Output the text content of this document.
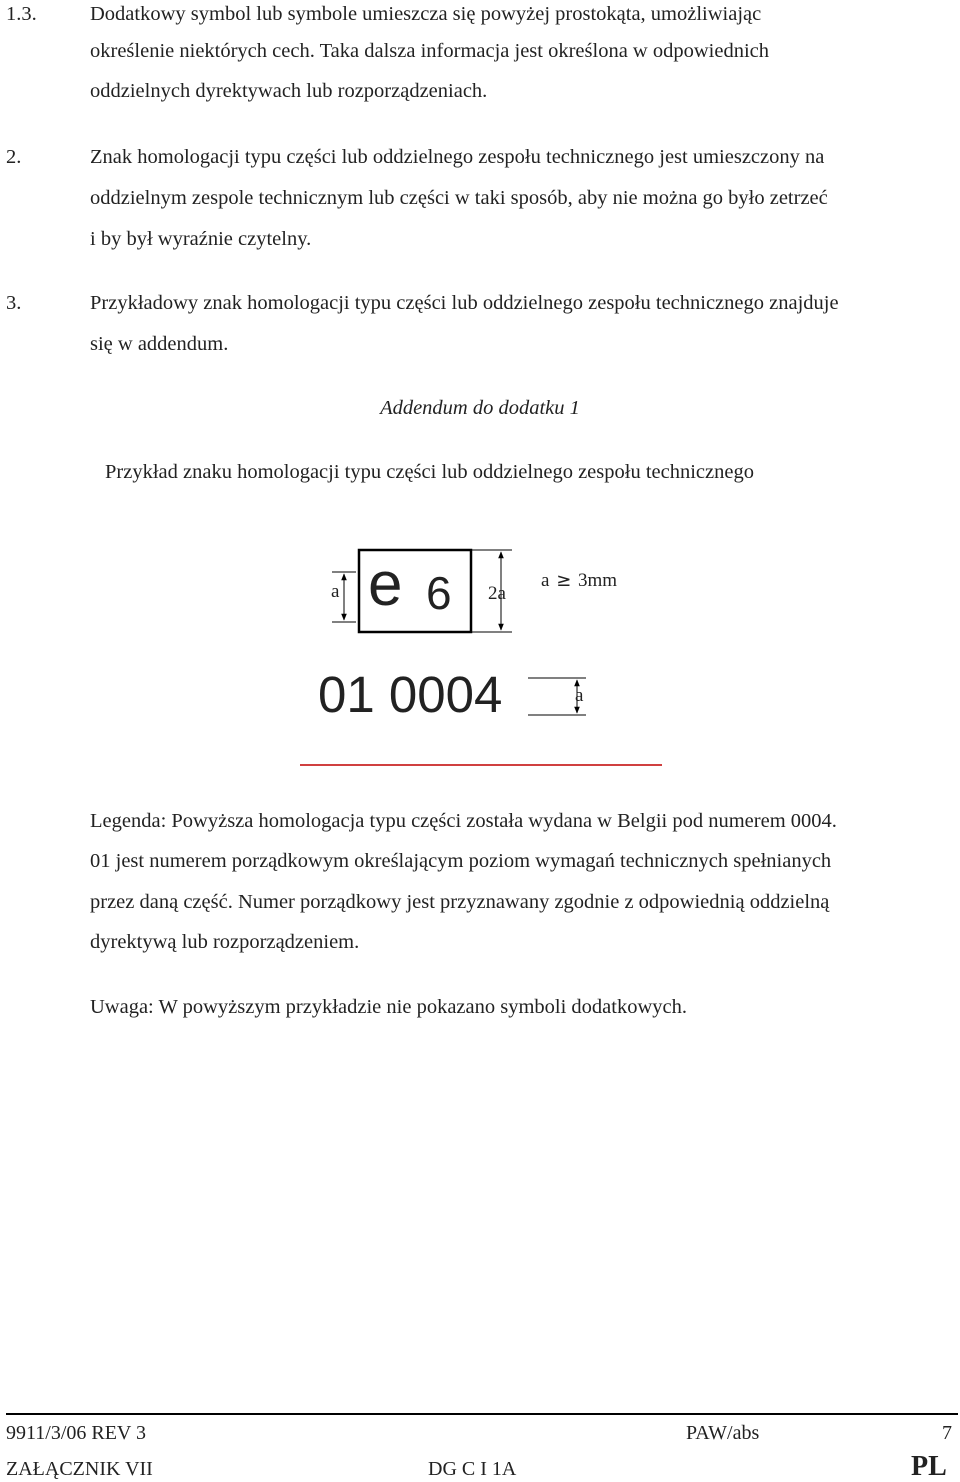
1.3.	Dodatkowy symbol lub symbole umieszcza się powyżej prostokąta, umożliwiając
określenie niektórych cech. Taka dalsza informacja jest określona w odpowiednich
oddzielnych dyrektywach lub rozporządzeniach.
2.	Znak homologacji typu części lub oddzielnego zespołu technicznego jest umieszczony na
oddzielnym zespole technicznym lub części w taki sposób, aby nie można go było zetrzeć
i by był wyraźnie czytelny.
3.	Przykładowy znak homologacji typu części lub oddzielnego zespołu technicznego znajduje
się w addendum.
Addendum do dodatku 1
Przykład znaku homologacji typu części lub oddzielnego zespołu technicznego
e 6
a	2a
a ≥ 3mm
01 0004	a
Legenda: Powyższa homologacja typu części została wydana w Belgii pod numerem 0004.
01 jest numerem porządkowym określającym poziom wymagań technicznych spełnianych
przez daną część. Numer porządkowy jest przyznawany zgodnie z odpowiednią oddzielną
dyrektywą lub rozporządzeniem.
Uwaga: W powyższym przykładzie nie pokazano symboli dodatkowych.
9911/3/06 REV 3	PAW/abs	7
ZAŁĄCZNIK VII	DG C I 1A	PL
